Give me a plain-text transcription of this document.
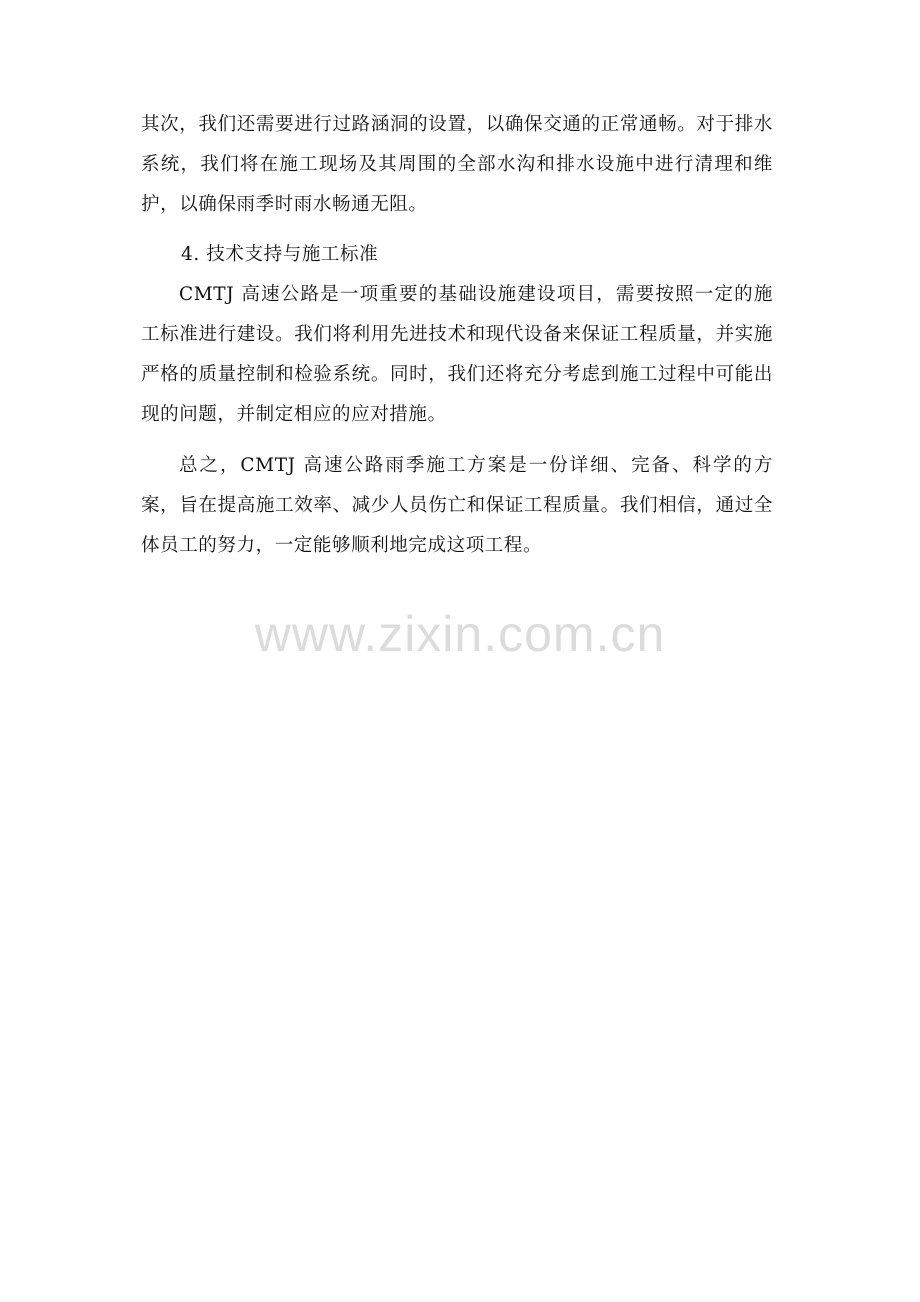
其次，我们还需要进行过路涵洞的设置，以确保交通的正常通畅。对于排水系统，我们将在施工现场及其周围的全部水沟和排水设施中进行清理和维护，以确保雨季时雨水畅通无阻。

4. 技术支持与施工标准

CMTJ 高速公路是一项重要的基础设施建设项目，需要按照一定的施工标准进行建设。我们将利用先进技术和现代设备来保证工程质量，并实施严格的质量控制和检验系统。同时，我们还将充分考虑到施工过程中可能出现的问题，并制定相应的应对措施。

总之，CMTJ 高速公路雨季施工方案是一份详细、完备、科学的方案，旨在提高施工效率、减少人员伤亡和保证工程质量。我们相信，通过全体员工的努力，一定能够顺利地完成这项工程。

www.zixin.com.cn
